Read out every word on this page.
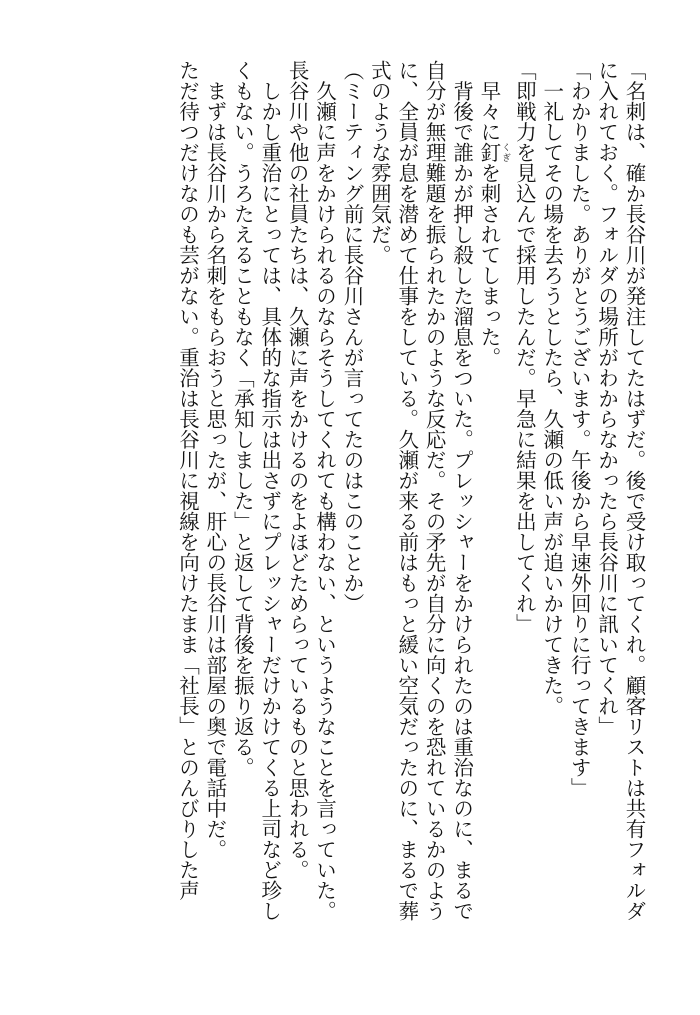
「名刺は、確か長谷川が発注してたはずだ。後で受け取ってくれ。顧客リストは共有フォルダ
に入れておく。フォルダの場所がわからなかったら長谷川に訊いてくれ」
「わかりました。ありがとうございます。午後から早速外回りに行ってきます」
　一礼してその場を去ろうとしたら、久瀬の低い声が追いかけてきた。
「即戦力を見込んで採用したんだ。早急に結果を出してくれ」
　早々に釘 くぎを刺されてしまった。
　背後で誰かが押し殺した溜息をついた。プレッシャーをかけられたのは重治なのに、まるで
自分が無理難題を振られたかのような反応だ。その矛先が自分に向くのを恐れているかのよう
に、全員が息を潜めて仕事をしている。久瀬が来る前はもっと緩い空気だったのに、まるで葬
式のような雰囲気だ。
（ミーティング前に長谷川さんが言ってたのはこのことか）
　久瀬に声をかけられるのならそうしてくれても構わない、というようなことを言っていた。
長谷川や他の社員たちは、久瀬に声をかけるのをよほどためらっているものと思われる。
　しかし重治にとっては、具体的な指示は出さずにプレッシャーだけかけてくる上司など珍し
くもない。うろたえることもなく「承知しました」と返して背後を振り返る。
　まずは長谷川から名刺をもらおうと思ったが、肝心の長谷川は部屋の奥で電話中だ。
ただ待つだけなのも芸がない。重治は長谷川に視線を向けたまま「社長」とのんびりした声
